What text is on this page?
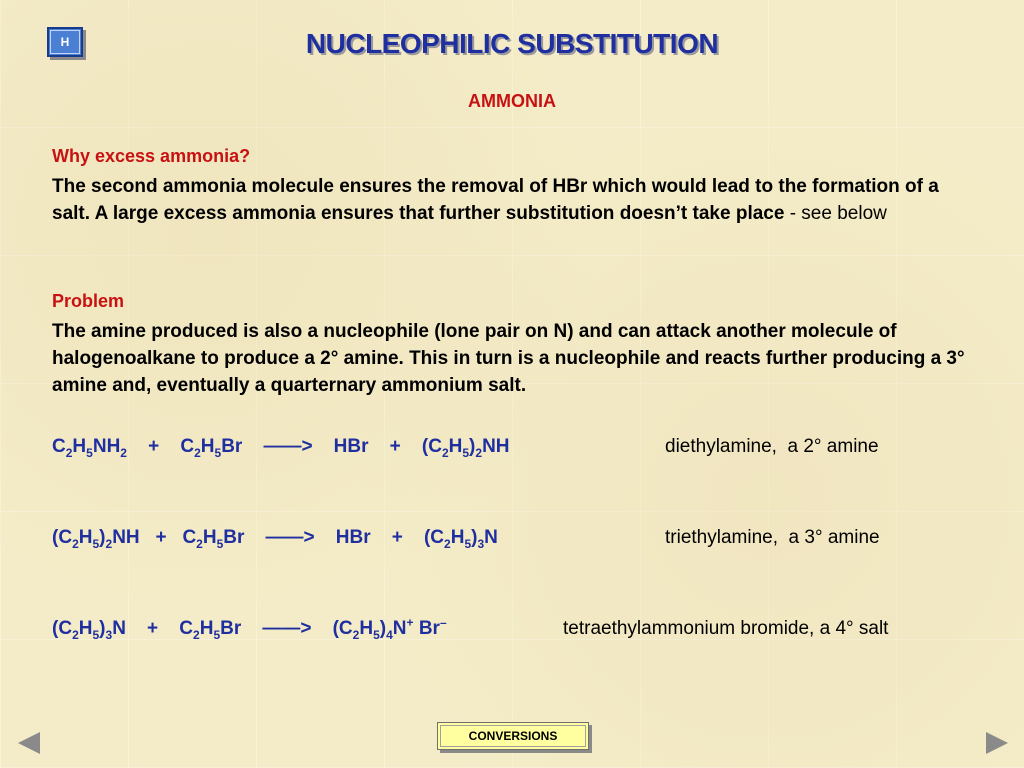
H	NUCLEOPHILIC SUBSTITUTION
AMMONIA
Why excess ammonia?
The second ammonia molecule ensures the removal of HBr which would lead to the formation of a salt. A large excess ammonia ensures that further substitution doesn’t take place - see below
Problem
The amine produced is also a nucleophile (lone pair on N) and can attack another molecule of halogenoalkane to produce a 2° amine. This in turn is a nucleophile and reacts further producing a 3° amine and, eventually a quarternary ammonium salt.
$C_2H_5NH_2 + C_2H_5Br$ ——> HBr + $(C_2H_5)_2NH$	diethylamine,  a 2° amine
$(C_2H_5)_2NH + C_2H_5Br$ ——> HBr + $(C_2H_5)_3N$	triethylamine,  a 3° amine
$(C_2H_5)_3N + C_2H_5Br$ ——> $(C_2H_5)_4N^+$ Br–	tetraethylammonium bromide, a 4° salt
CONVERSIONS
